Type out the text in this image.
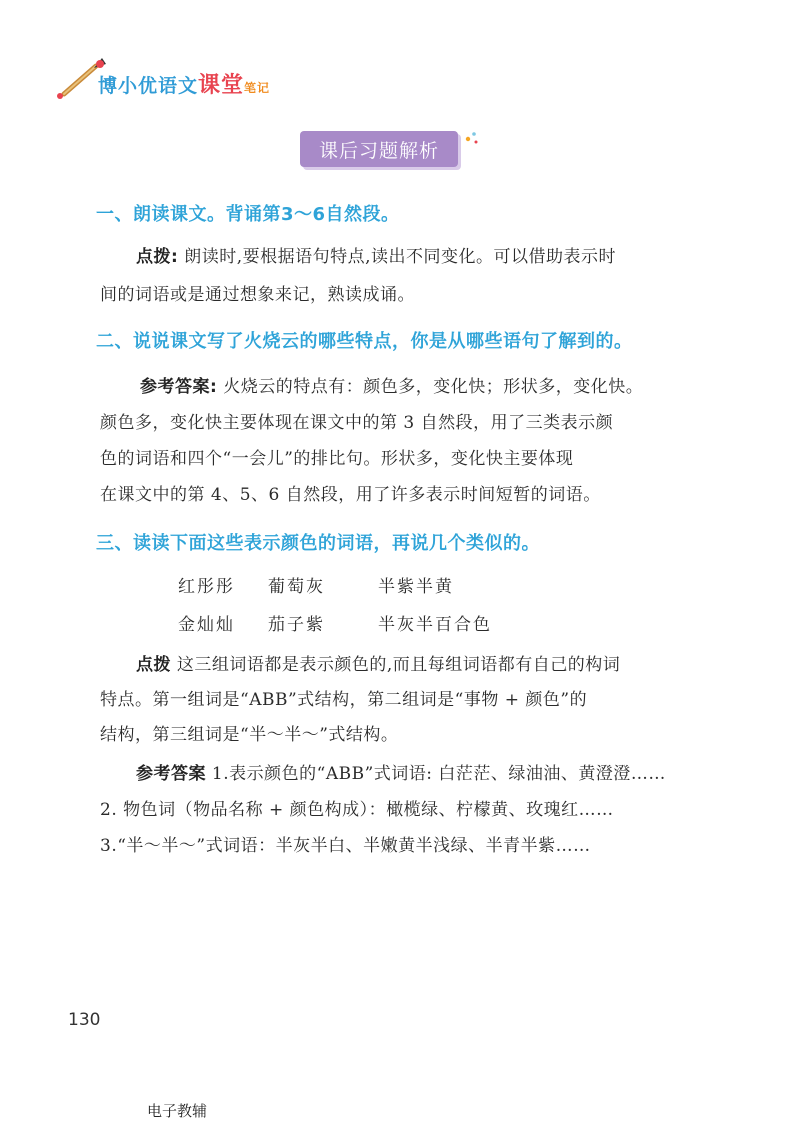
博小优语文课堂笔记
课后习题解析
一、朗读课文。背诵第3～6自然段。
点拨: 朗读时,要根据语句特点,读出不同变化。可以借助表示时
间的词语或是通过想象来记，熟读成诵。
二、说说课文写了火烧云的哪些特点，你是从哪些语句了解到的。
参考答案: 火烧云的特点有：颜色多，变化快；形状多，变化快。
颜色多，变化快主要体现在课文中的第 3 自然段，用了三类表示颜
色的词语和四个“一会儿”的排比句。形状多，变化快主要体现
在课文中的第 4、5、6 自然段，用了许多表示时间短暂的词语。
三、读读下面这些表示颜色的词语，再说几个类似的。
红彤彤 葡萄灰	半紫半黄
金灿灿 茄子紫	半灰半百合色
点拨 这三组词语都是表示颜色的,而且每组词语都有自己的构词
特点。第一组词是“ABB”式结构，第二组词是“事物 + 颜色”的
结构，第三组词是“半～半～”式结构。
参考答案 1.表示颜色的“ABB”式词语: 白茫茫、绿油油、黄澄澄……
2. 物色词（物品名称 + 颜色构成）：橄榄绿、柠檬黄、玫瑰红……
3.“半～半～”式词语：半灰半白、半嫩黄半浅绿、半青半紫……
130
电子教辅
